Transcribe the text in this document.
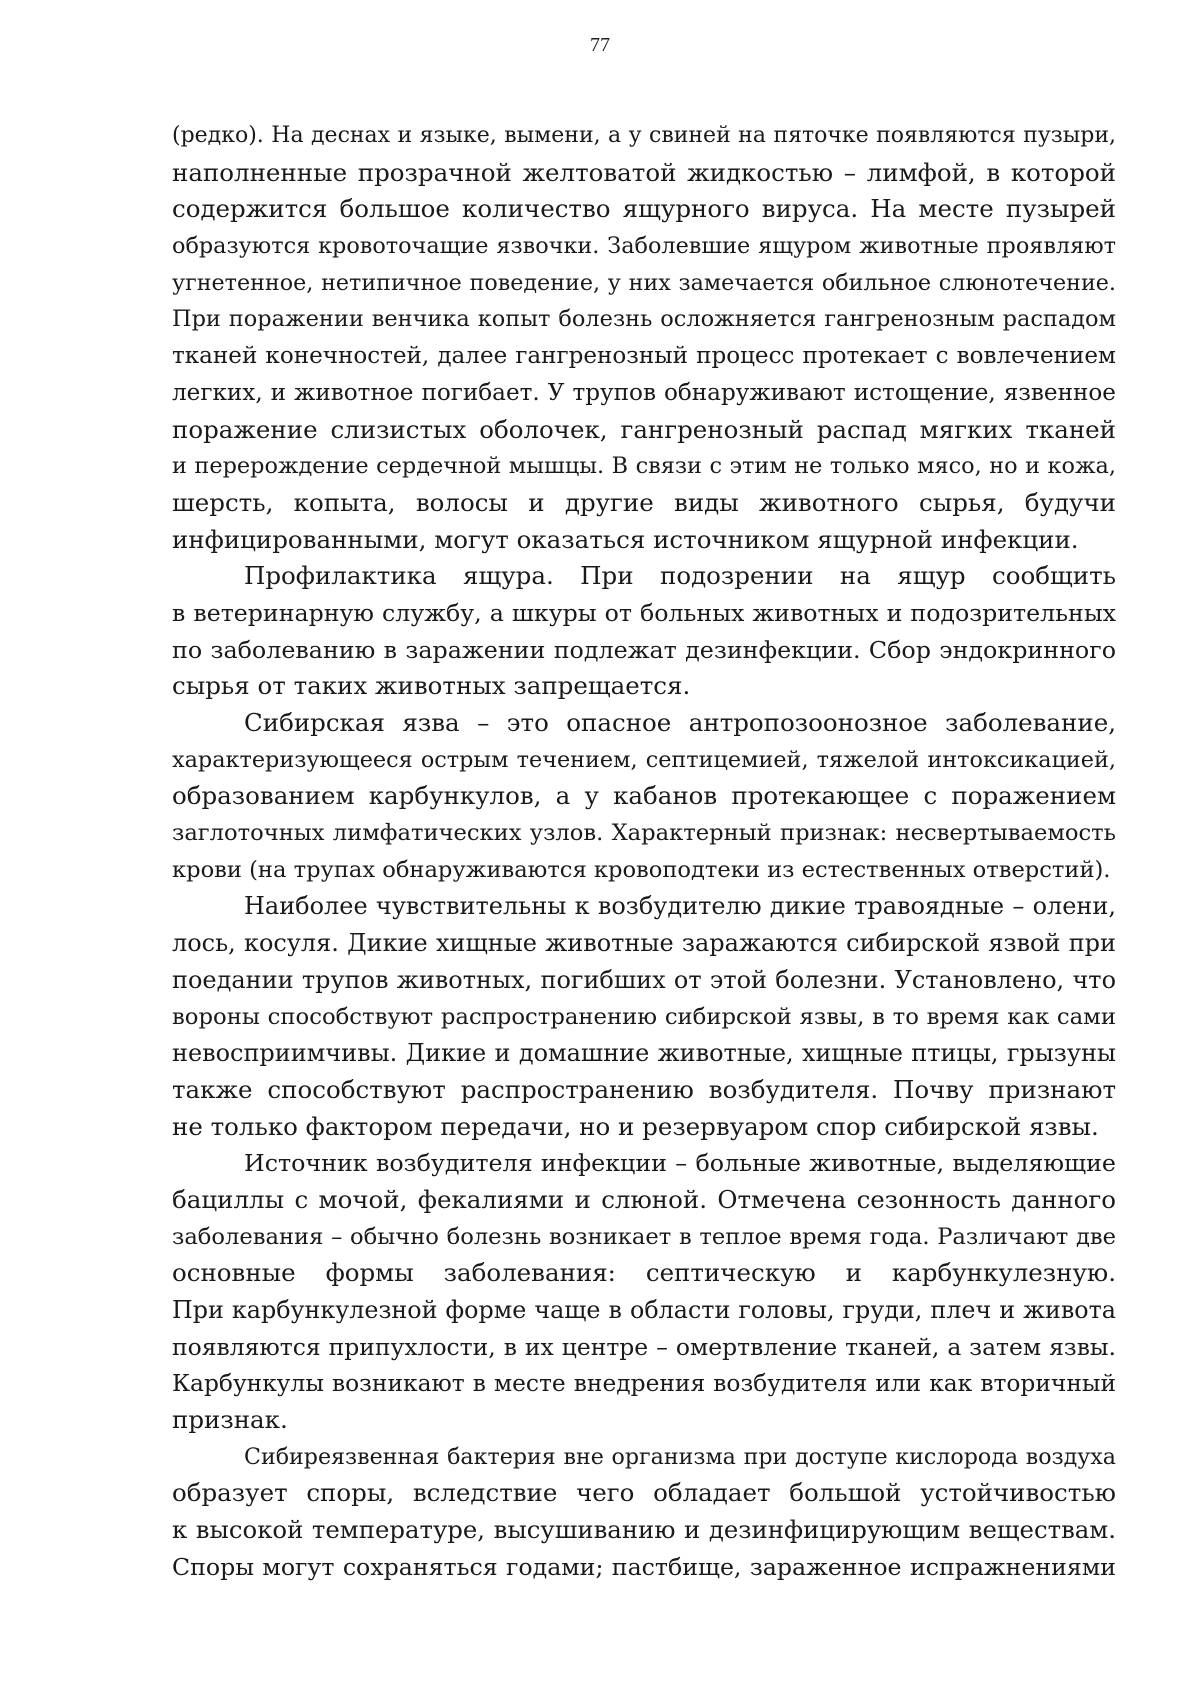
77
(редко). На деснах и языке, вымени, а у свиней на пяточке появляются пузыри,
наполненные прозрачной желтоватой жидкостью – лимфой, в которой
содержится большое количество ящурного вируса. На месте пузырей
образуются кровоточащие язвочки. Заболевшие ящуром животные проявляют
угнетенное, нетипичное поведение, у них замечается обильное слюнотечение.
При поражении венчика копыт болезнь осложняется гангренозным распадом
тканей конечностей, далее гангренозный процесс протекает с вовлечением
легких, и животное погибает. У трупов обнаруживают истощение, язвенное
поражение слизистых оболочек, гангренозный распад мягких тканей
и перерождение сердечной мышцы. В связи с этим не только мясо, но и кожа,
шерсть, копыта, волосы и другие виды животного сырья, будучи
инфицированными, могут оказаться источником ящурной инфекции.
Профилактика ящура. При подозрении на ящур сообщить
в ветеринарную службу, а шкуры от больных животных и подозрительных
по заболеванию в заражении подлежат дезинфекции. Сбор эндокринного
сырья от таких животных запрещается.
Сибирская язва – это опасное антропозоонозное заболевание,
характеризующееся острым течением, септицемией, тяжелой интоксикацией,
образованием карбункулов, а у кабанов протекающее с поражением
заглоточных лимфатических узлов. Характерный признак: несвертываемость
крови (на трупах обнаруживаются кровоподтеки из естественных отверстий).
Наиболее чувствительны к возбудителю дикие травоядные – олени,
лось, косуля. Дикие хищные животные заражаются сибирской язвой при
поедании трупов животных, погибших от этой болезни. Установлено, что
вороны способствуют распространению сибирской язвы, в то время как сами
невосприимчивы. Дикие и домашние животные, хищные птицы, грызуны
также способствуют распространению возбудителя. Почву признают
не только фактором передачи, но и резервуаром спор сибирской язвы.
Источник возбудителя инфекции – больные животные, выделяющие
бациллы с мочой, фекалиями и слюной. Отмечена сезонность данного
заболевания – обычно болезнь возникает в теплое время года. Различают две
основные формы заболевания: септическую и карбункулезную.
При карбункулезной форме чаще в области головы, груди, плеч и живота
появляются припухлости, в их центре – омертвление тканей, а затем язвы.
Карбункулы возникают в месте внедрения возбудителя или как вторичный
признак.
Сибиреязвенная бактерия вне организма при доступе кислорода воздуха
образует споры, вследствие чего обладает большой устойчивостью
к высокой температуре, высушиванию и дезинфицирующим веществам.
Споры могут сохраняться годами; пастбище, зараженное испражнениями
